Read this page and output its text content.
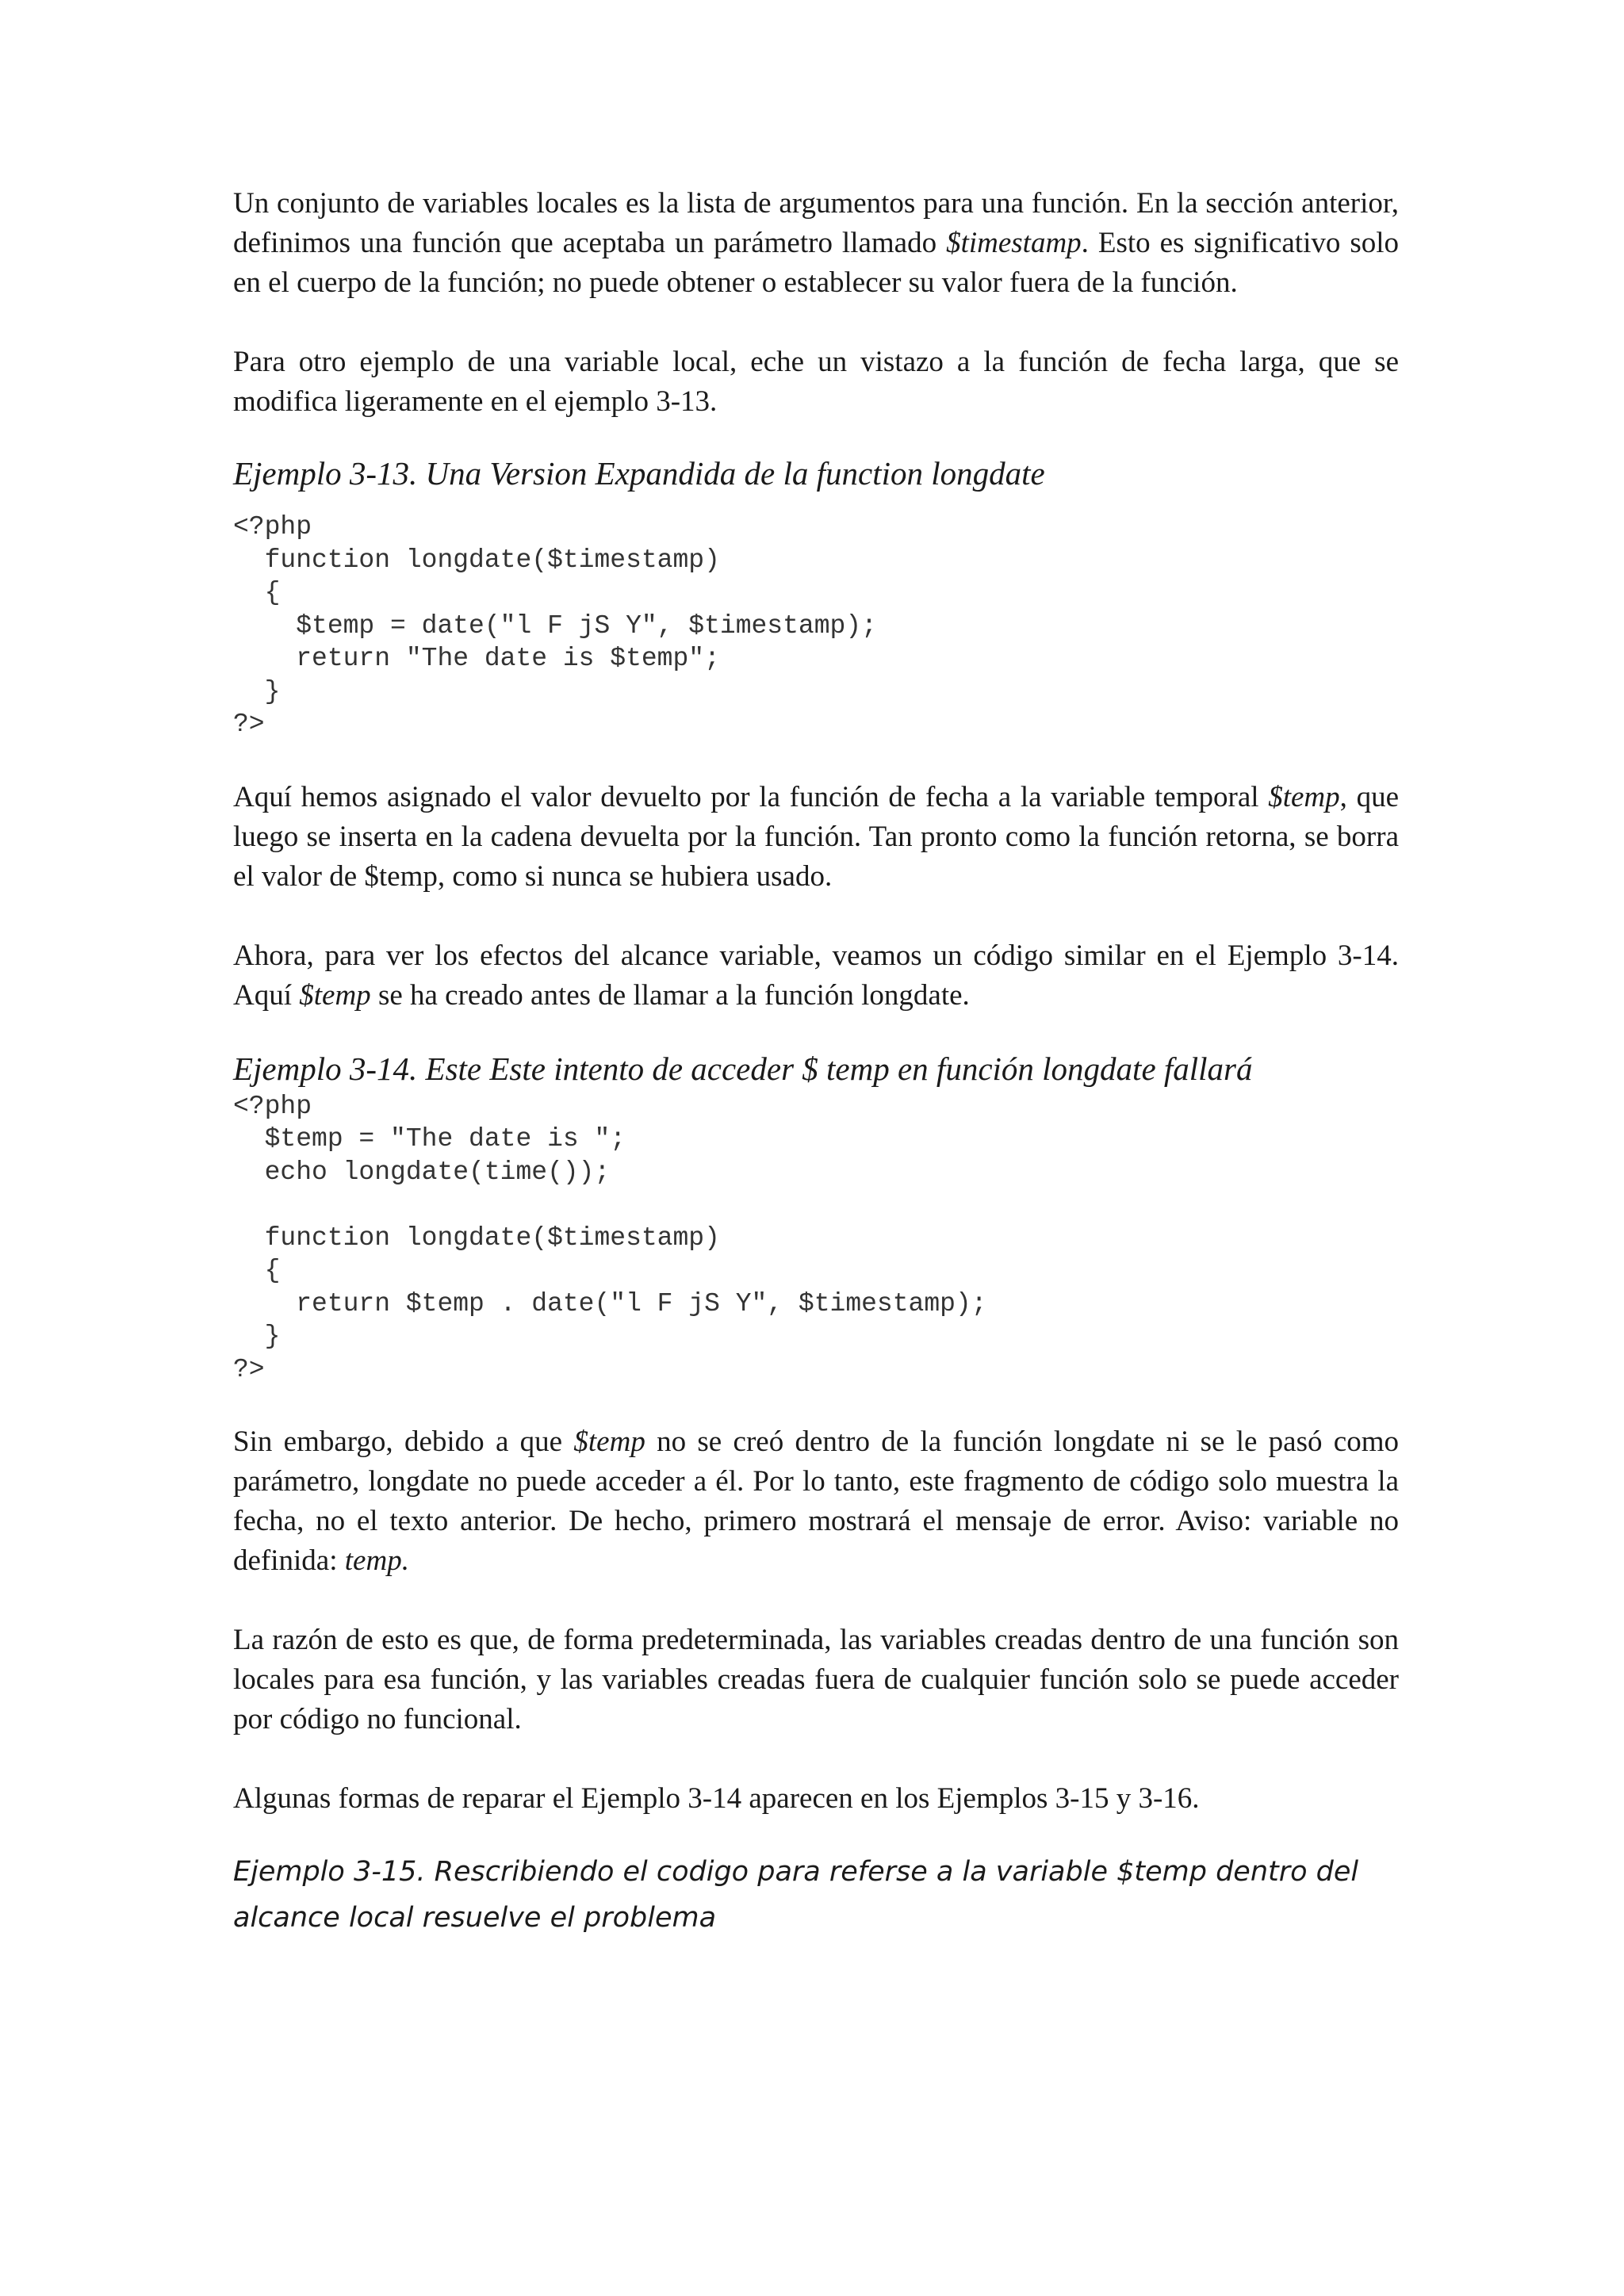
Un conjunto de variables locales es la lista de argumentos para una función. En la sección anterior, definimos una función que aceptaba un parámetro llamado $timestamp. Esto es significativo solo en el cuerpo de la función; no puede obtener o establecer su valor fuera de la función.

Para otro ejemplo de una variable local, eche un vistazo a la función de fecha larga, que se modifica ligeramente en el ejemplo 3-13.

Ejemplo 3-13. Una Version Expandida de la function longdate

<?php
function longdate($timestamp)
{
$temp = date("l F jS Y", $timestamp);
return "The date is $temp";
}
?>

Aquí hemos asignado el valor devuelto por la función de fecha a la variable temporal $temp, que luego se inserta en la cadena devuelta por la función. Tan pronto como la función retorna, se borra el valor de $temp, como si nunca se hubiera usado.

Ahora, para ver los efectos del alcance variable, veamos un código similar en el Ejemplo 3-14. Aquí $temp se ha creado antes de llamar a la función longdate.

Ejemplo 3-14. Este Este intento de acceder $ temp en función longdate fallará

<?php
$temp = "The date is ";
echo longdate(time());

function longdate($timestamp)
{
return $temp . date("l F jS Y", $timestamp);
}
?>

Sin embargo, debido a que $temp no se creó dentro de la función longdate ni se le pasó como parámetro, longdate no puede acceder a él. Por lo tanto, este fragmento de código solo muestra la fecha, no el texto anterior. De hecho, primero mostrará el mensaje de error. Aviso: variable no definida: temp.

La razón de esto es que, de forma predeterminada, las variables creadas dentro de una función son locales para esa función, y las variables creadas fuera de cualquier función solo se puede acceder por código no funcional.

Algunas formas de reparar el Ejemplo 3-14 aparecen en los Ejemplos 3-15 y 3-16.

Ejemplo 3-15. Rescribiendo el codigo para referse a la variable $temp dentro del alcance local resuelve el problema
